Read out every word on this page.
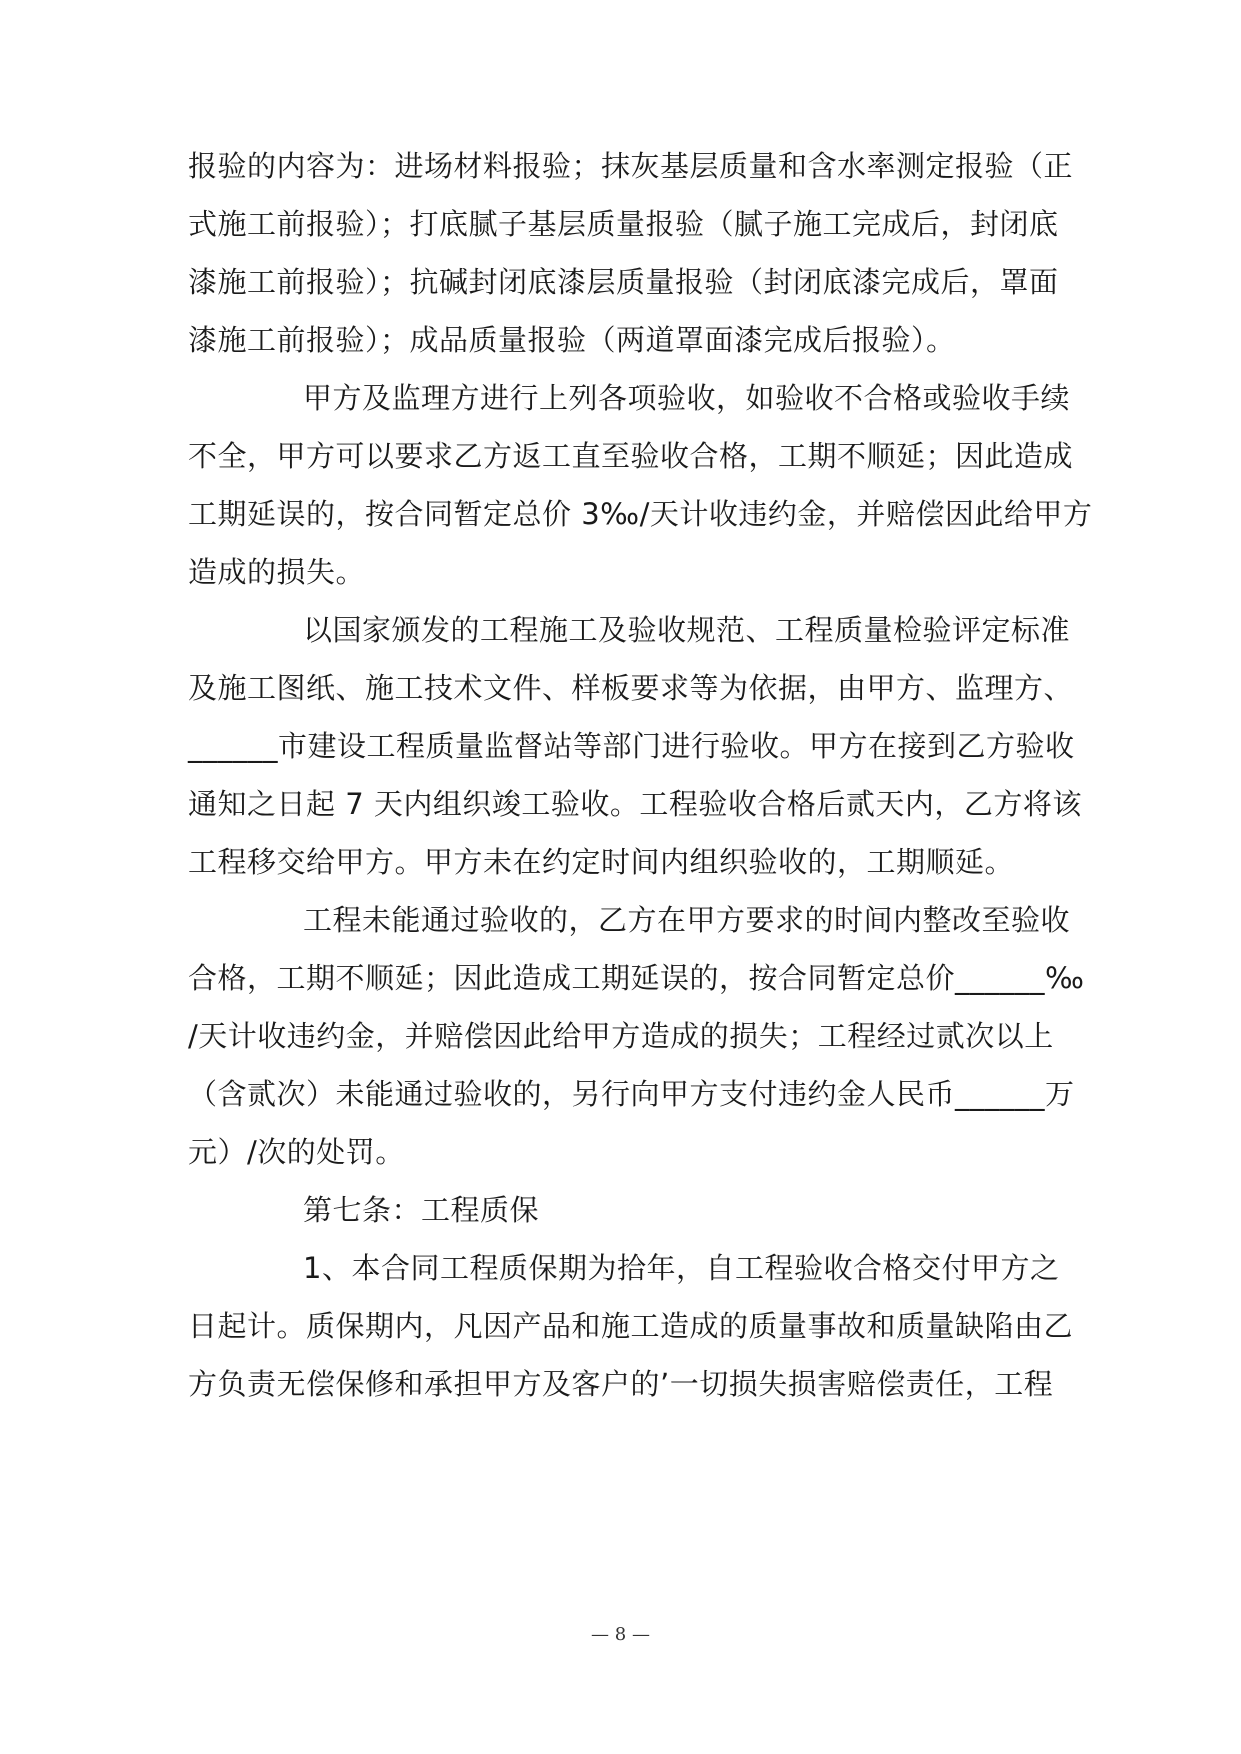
报验的内容为：进场材料报验；抹灰基层质量和含水率测定报验（正
式施工前报验）；打底腻子基层质量报验（腻子施工完成后，封闭底
漆施工前报验）；抗碱封闭底漆层质量报验（封闭底漆完成后，罩面
漆施工前报验）；成品质量报验（两道罩面漆完成后报验）。
甲方及监理方进行上列各项验收，如验收不合格或验收手续
不全，甲方可以要求乙方返工直至验收合格，工期不顺延；因此造成
工期延误的，按合同暂定总价 3‰/天计收违约金，并赔偿因此给甲方
造成的损失。
以国家颁发的工程施工及验收规范、工程质量检验评定标准
及施工图纸、施工技术文件、样板要求等为依据，由甲方、监理方、
______市建设工程质量监督站等部门进行验收。甲方在接到乙方验收
通知之日起 7 天内组织竣工验收。工程验收合格后贰天内，乙方将该
工程移交给甲方。甲方未在约定时间内组织验收的，工期顺延。
工程未能通过验收的，乙方在甲方要求的时间内整改至验收
合格，工期不顺延；因此造成工期延误的，按合同暂定总价______‰
/天计收违约金，并赔偿因此给甲方造成的损失；工程经过贰次以上
（含贰次）未能通过验收的，另行向甲方支付违约金人民币______万
元）/次的处罚。
第七条：工程质保
1、本合同工程质保期为拾年，自工程验收合格交付甲方之
日起计。质保期内，凡因产品和施工造成的质量事故和质量缺陷由乙
方负责无偿保修和承担甲方及客户的’一切损失损害赔偿责任，工程
— 8 —
